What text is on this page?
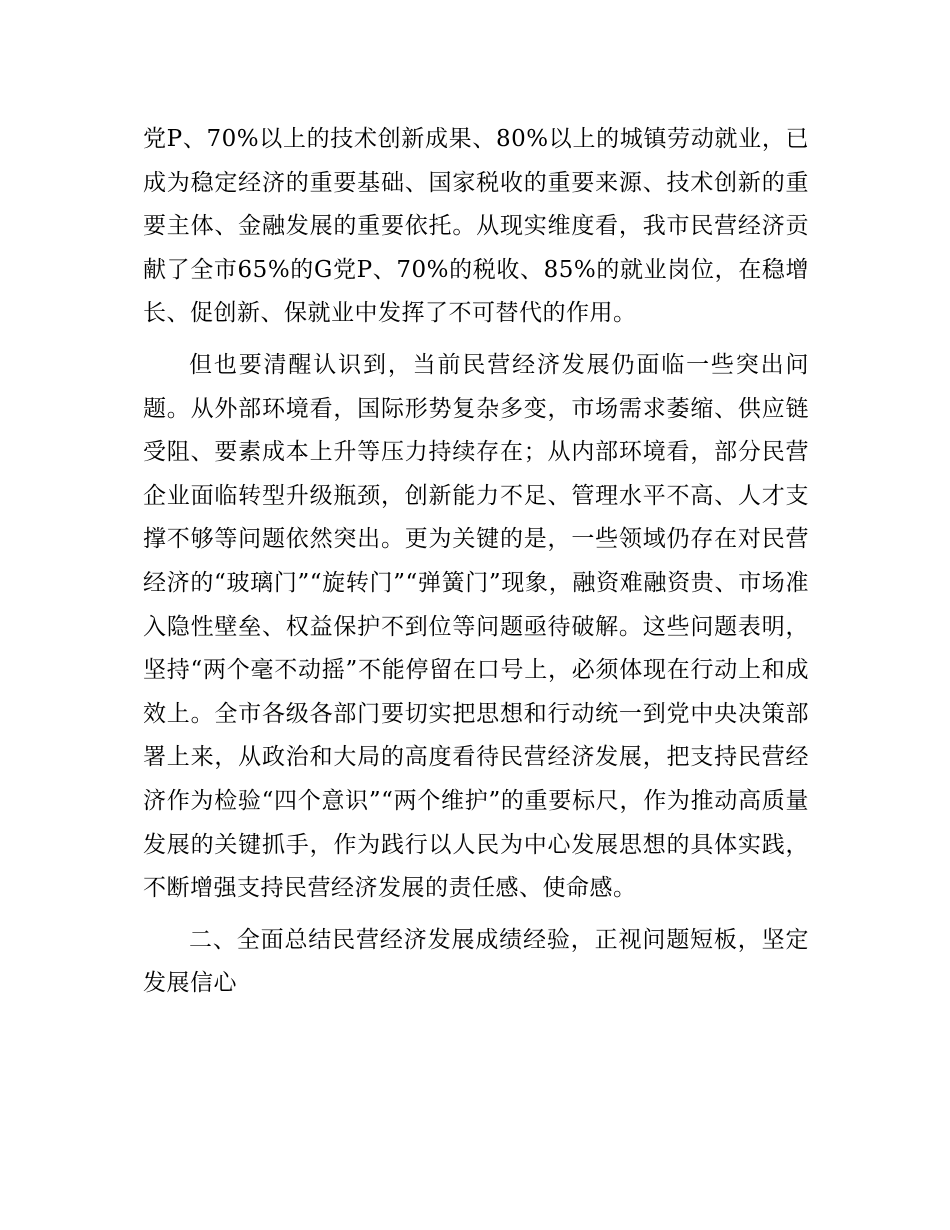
党P、70%以上的技术创新成果、80%以上的城镇劳动就业，已成为稳定经济的重要基础、国家税收的重要来源、技术创新的重要主体、金融发展的重要依托。从现实维度看，我市民营经济贡献了全市65%的G党P、70%的税收、85%的就业岗位，在稳增长、促创新、保就业中发挥了不可替代的作用。

但也要清醒认识到，当前民营经济发展仍面临一些突出问题。从外部环境看，国际形势复杂多变，市场需求萎缩、供应链受阻、要素成本上升等压力持续存在；从内部环境看，部分民营企业面临转型升级瓶颈，创新能力不足、管理水平不高、人才支撑不够等问题依然突出。更为关键的是，一些领域仍存在对民营经济的“玻璃门”“旋转门”“弹簧门”现象，融资难融资贵、市场准入隐性壁垒、权益保护不到位等问题亟待破解。这些问题表明，坚持“两个毫不动摇”不能停留在口号上，必须体现在行动上和成效上。全市各级各部门要切实把思想和行动统一到党中央决策部署上来，从政治和大局的高度看待民营经济发展，把支持民营经济作为检验“四个意识”“两个维护”的重要标尺，作为推动高质量发展的关键抓手，作为践行以人民为中心发展思想的具体实践，不断增强支持民营经济发展的责任感、使命感。

二、全面总结民营经济发展成绩经验，正视问题短板，坚定发展信心
